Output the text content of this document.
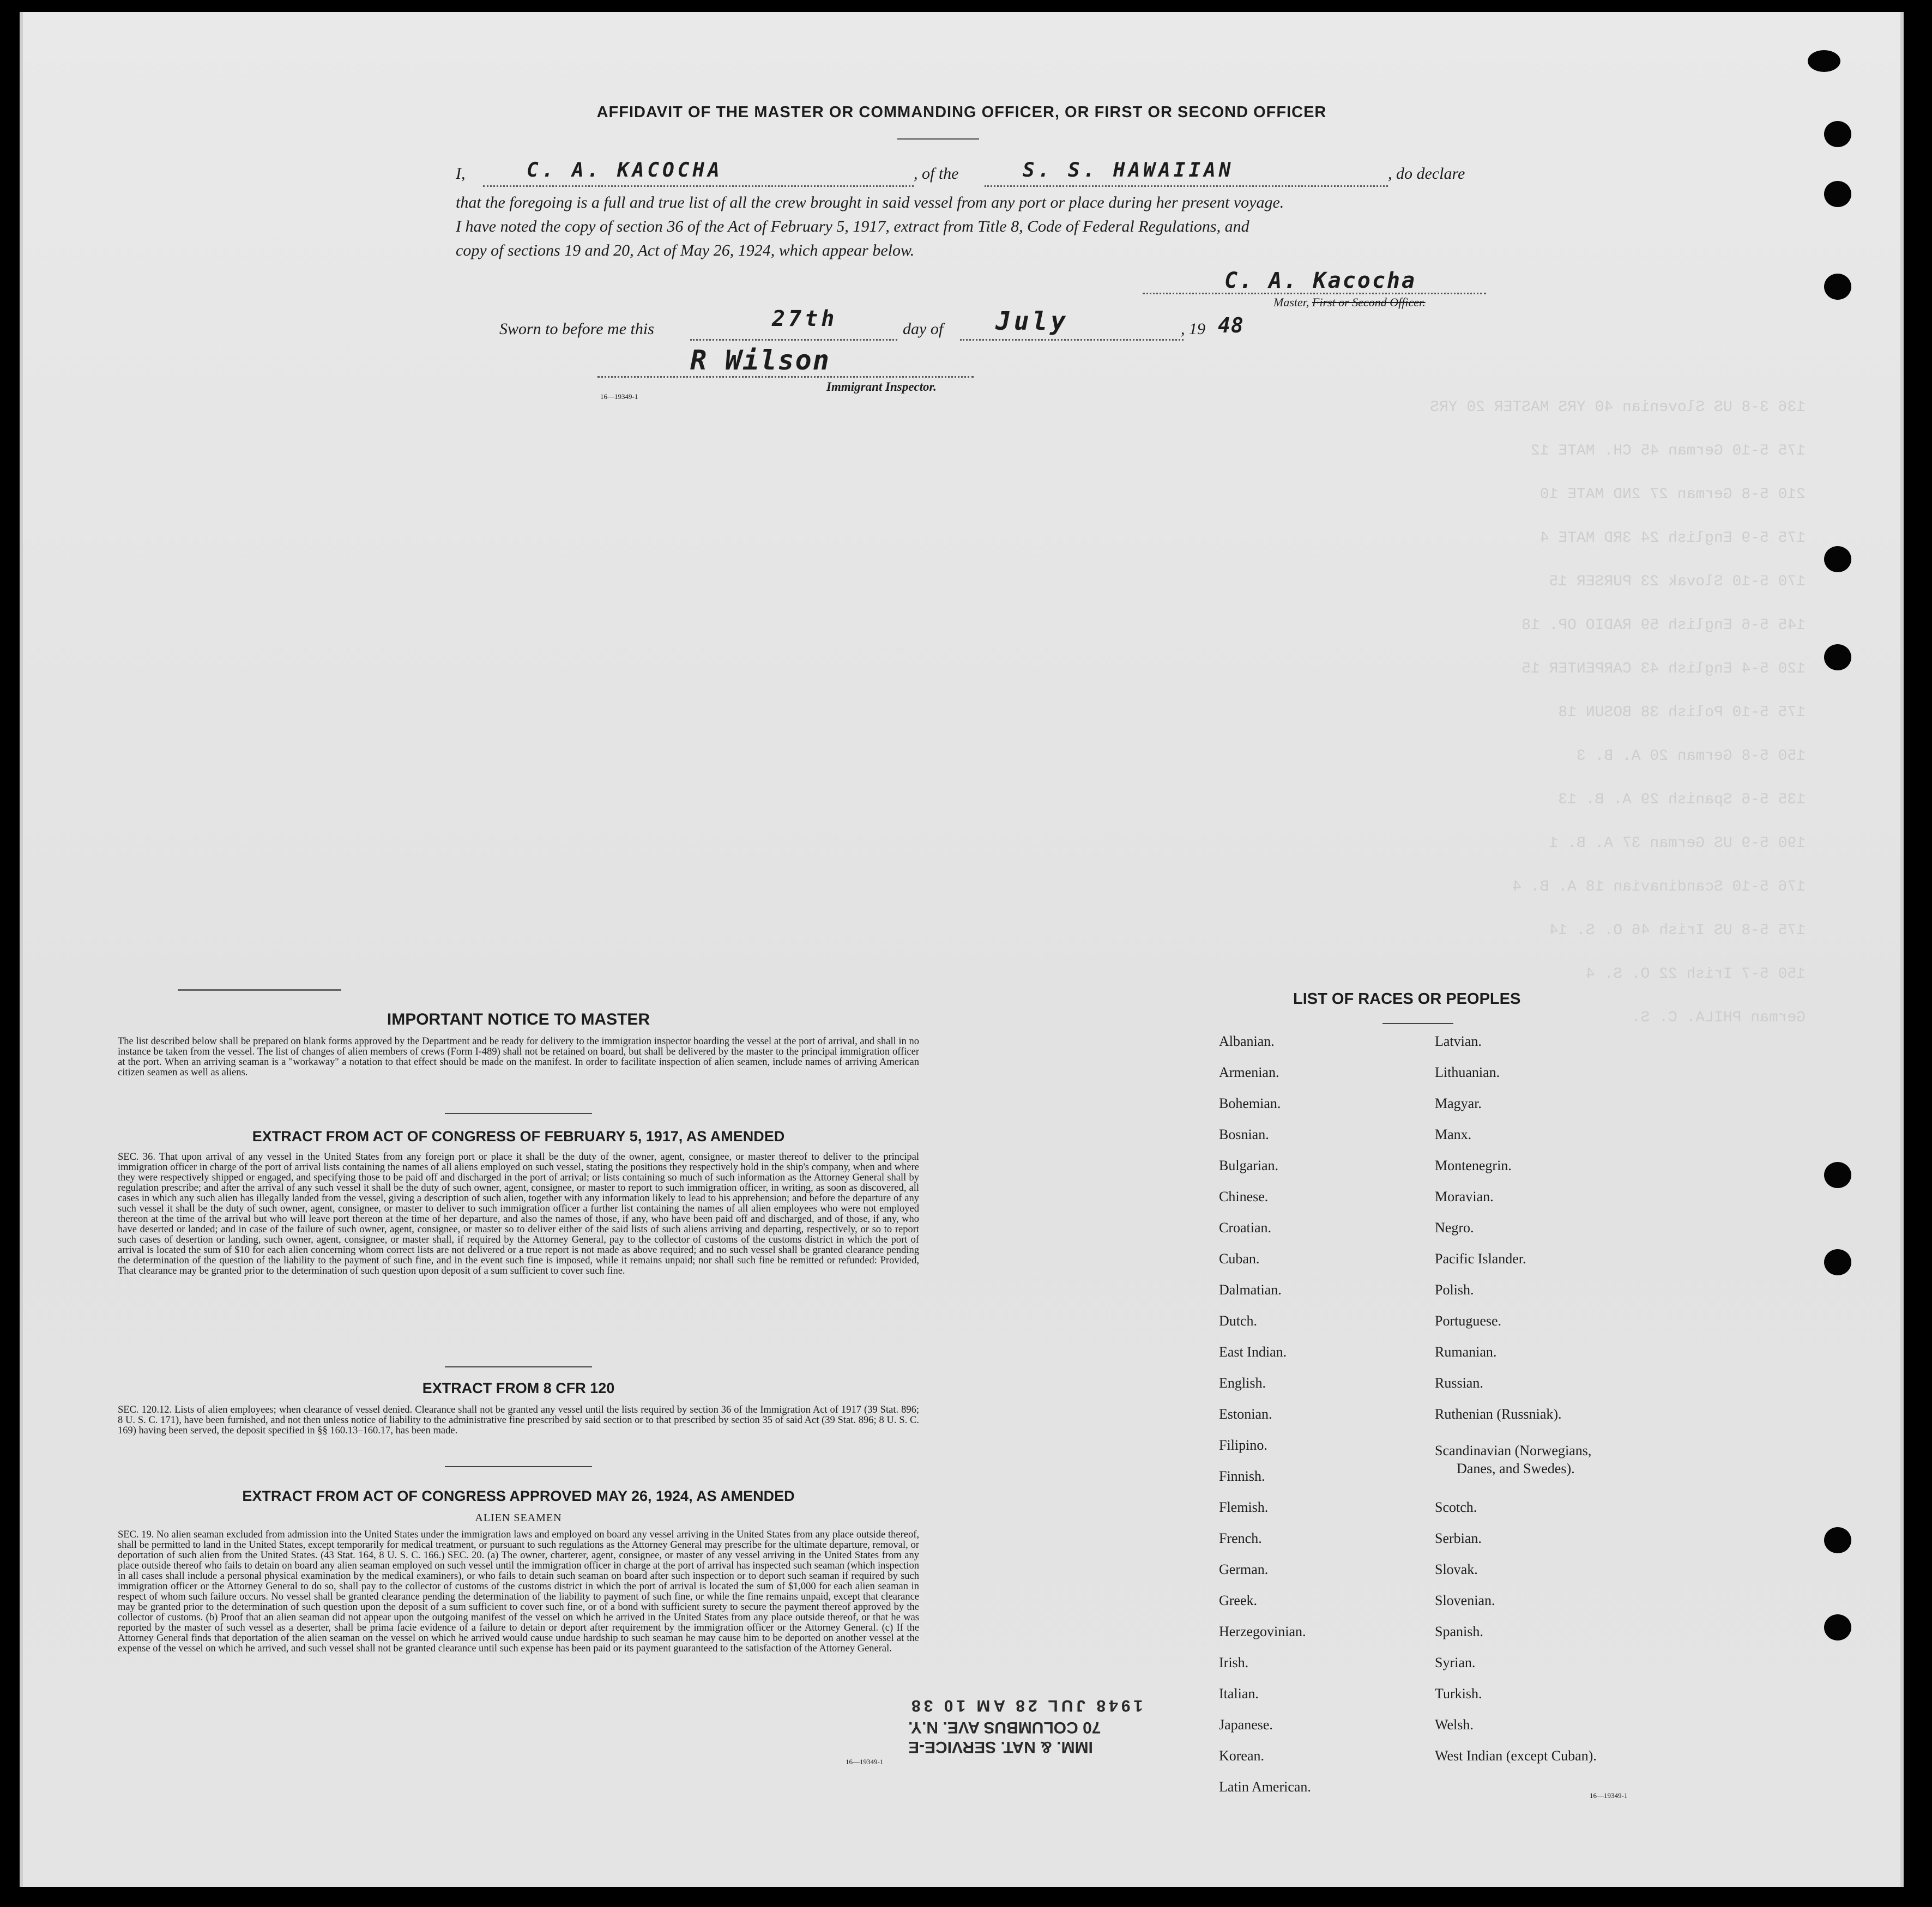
136 3-8 US Slovenian 40 YRS MASTER 20 YRS
175 5-10 German 45 CH. MATE 12
210 5-8 German 27 2ND MATE 10
175 5-9 English 24 3RD MATE 4
170 5-10 Slovak 23 PURSER 15
145 5-6 English 59 RADIO OP. 18
120 5-4 English 43 CARPENTER 15
175 5-10 Polish 38 BOSUN 18
150 5-8 German 20 A. B. 3
135 5-6 Spanish 29 A. B. 13
190 5-9 US German 37 A. B. 1
176 5-10 Scandinavian 18 A. B. 4
175 5-8 US Irish 46 O. S. 14
150 5-7 Irish 22 O. S. 4
German PHILA. C. S.
AFFIDAVIT OF THE MASTER OR COMMANDING OFFICER, OR FIRST OR SECOND OFFICER
I,	C. A. KACOCHA	, of the	S. S. HAWAIIAN	, do declare
that the foregoing is a full and true list of all the crew brought in said vessel from any port or place during her present voyage.
I have noted the copy of section 36 of the Act of February 5, 1917, extract from Title 8, Code of Federal Regulations, and
copy of sections 19 and 20, Act of May 26, 1924, which appear below.
C. A. Kacocha
Master, First or Second Officer.
Sworn to before me this	27th	day of July	, 19 48
R Wilson
16—19349-1
Immigrant Inspector.
IMPORTANT NOTICE TO MASTER
The list described below shall be prepared on blank forms approved by the Department and be ready for delivery to the immigration inspector boarding the vessel at the port of arrival, and shall in no instance be taken from the vessel. The list of changes of alien members of crews (Form I-489) shall not be retained on board, but shall be delivered by the master to the principal immigration officer at the port. When an arriving seaman is a "workaway" a notation to that effect should be made on the manifest. In order to facilitate inspection of alien seamen, include names of arriving American citizen seamen as well as aliens.
EXTRACT FROM ACT OF CONGRESS OF FEBRUARY 5, 1917, AS AMENDED
SEC. 36. That upon arrival of any vessel in the United States from any foreign port or place it shall be the duty of the owner, agent, consignee, or master thereof to deliver to the principal immigration officer in charge of the port of arrival lists containing the names of all aliens employed on such vessel, stating the positions they respectively hold in the ship's company, when and where they were respectively shipped or engaged, and specifying those to be paid off and discharged in the port of arrival; or lists containing so much of such information as the Attorney General shall by regulation prescribe; and after the arrival of any such vessel it shall be the duty of such owner, agent, consignee, or master to report to such immigration officer, in writing, as soon as discovered, all cases in which any such alien has illegally landed from the vessel, giving a description of such alien, together with any information likely to lead to his apprehension; and before the departure of any such vessel it shall be the duty of such owner, agent, consignee, or master to deliver to such immigration officer a further list containing the names of all alien employees who were not employed thereon at the time of the arrival but who will leave port thereon at the time of her departure, and also the names of those, if any, who have been paid off and discharged, and of those, if any, who have deserted or landed; and in case of the failure of such owner, agent, consignee, or master so to deliver either of the said lists of such aliens arriving and departing, respectively, or so to report such cases of desertion or landing, such owner, agent, consignee, or master shall, if required by the Attorney General, pay to the collector of customs of the customs district in which the port of arrival is located the sum of $10 for each alien concerning whom correct lists are not delivered or a true report is not made as above required; and no such vessel shall be granted clearance pending the determination of the question of the liability to the payment of such fine, and in the event such fine is imposed, while it remains unpaid; nor shall such fine be remitted or refunded: Provided, That clearance may be granted prior to the determination of such question upon deposit of a sum sufficient to cover such fine.
EXTRACT FROM 8 CFR 120
SEC. 120.12. Lists of alien employees; when clearance of vessel denied. Clearance shall not be granted any vessel until the lists required by section 36 of the Immigration Act of 1917 (39 Stat. 896; 8 U. S. C. 171), have been furnished, and not then unless notice of liability to the administrative fine prescribed by said section or to that prescribed by section 35 of said Act (39 Stat. 896; 8 U. S. C. 169) having been served, the deposit specified in §§ 160.13–160.17, has been made.
EXTRACT FROM ACT OF CONGRESS APPROVED MAY 26, 1924, AS AMENDED
ALIEN SEAMEN
SEC. 19. No alien seaman excluded from admission into the United States under the immigration laws and employed on board any vessel arriving in the United States from any place outside thereof, shall be permitted to land in the United States, except temporarily for medical treatment, or pursuant to such regulations as the Attorney General may prescribe for the ultimate departure, removal, or deportation of such alien from the United States. (43 Stat. 164, 8 U. S. C. 166.) SEC. 20. (a) The owner, charterer, agent, consignee, or master of any vessel arriving in the United States from any place outside thereof who fails to detain on board any alien seaman employed on such vessel until the immigration officer in charge at the port of arrival has inspected such seaman (which inspection in all cases shall include a personal physical examination by the medical examiners), or who fails to detain such seaman on board after such inspection or to deport such seaman if required by such immigration officer or the Attorney General to do so, shall pay to the collector of customs of the customs district in which the port of arrival is located the sum of $1,000 for each alien seaman in respect of whom such failure occurs. No vessel shall be granted clearance pending the determination of the liability to payment of such fine, or while the fine remains unpaid, except that clearance may be granted prior to the determination of such question upon the deposit of a sum sufficient to cover such fine, or of a bond with sufficient surety to secure the payment thereof approved by the collector of customs. (b) Proof that an alien seaman did not appear upon the outgoing manifest of the vessel on which he arrived in the United States from any place outside thereof, or that he was reported by the master of such vessel as a deserter, shall be prima facie evidence of a failure to detain or deport after requirement by the immigration officer or the Attorney General. (c) If the Attorney General finds that deportation of the alien seaman on the vessel on which he arrived would cause undue hardship to such seaman he may cause him to be deported on another vessel at the expense of the vessel on which he arrived, and such vessel shall not be granted clearance until such expense has been paid or its payment guaranteed to the satisfaction of the Attorney General.
16—19349-1
1948 JUL 28 AM 10 38
70 COLUMBUS AVE. N.Y.
IMM. & NAT. SERVICE-E
LIST OF RACES OR PEOPLES
Albanian.
Armenian.
Bohemian.
Bosnian.
Bulgarian.
Chinese.
Croatian.
Cuban.
Dalmatian.
Dutch.
East Indian.
English.
Estonian.
Filipino.
Finnish.
Flemish.
French.
German.
Greek.
Herzegovinian.
Irish.
Italian.
Japanese.
Korean.
Latin American.
Latvian.
Lithuanian.
Magyar.
Manx.
Montenegrin.
Moravian.
Negro.
Pacific Islander.
Polish.
Portuguese.
Rumanian.
Russian.
Ruthenian (Russniak).
Scandinavian (Norwegians,
Danes, and Swedes).
Scotch.
Serbian.
Slovak.
Slovenian.
Spanish.
Syrian.
Turkish.
Welsh.
West Indian (except Cuban).
16—19349-1
